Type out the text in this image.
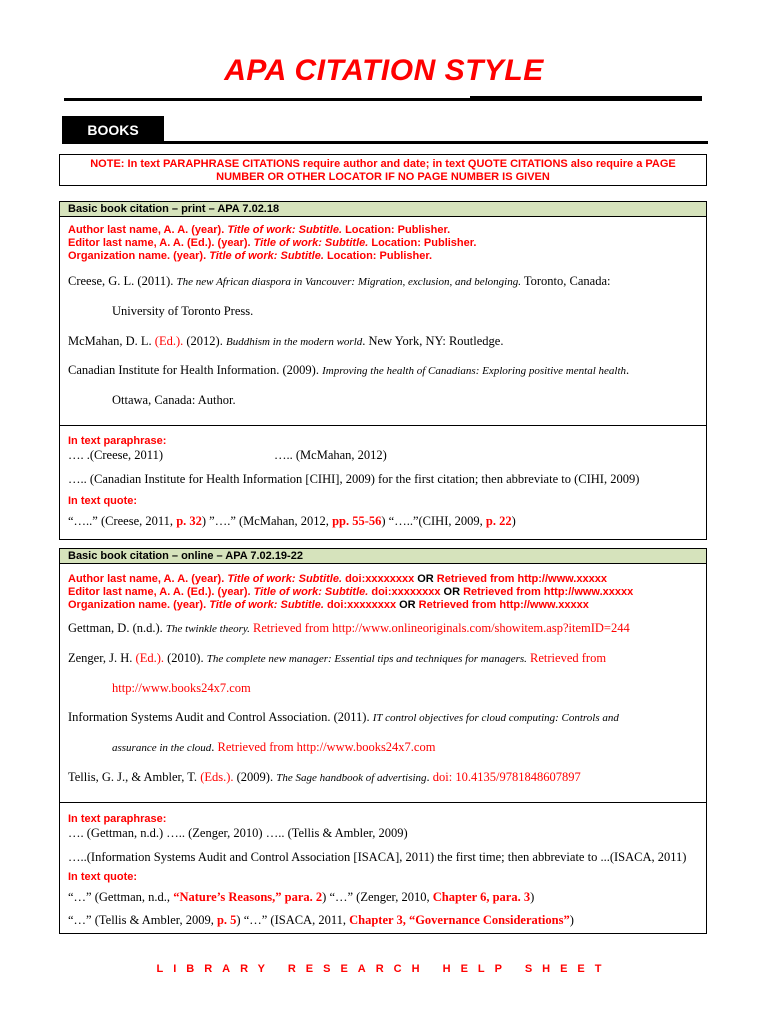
APA CITATION STYLE
BOOKS
NOTE: In text PARAPHRASE CITATIONS require author and date; in text QUOTE CITATIONS also require a PAGE
NUMBER OR OTHER LOCATOR IF NO PAGE NUMBER IS GIVEN
Basic book citation – print – APA 7.02.18
Author last name, A. A. (year). Title of work: Subtitle. Location: Publisher.
Editor last name, A. A. (Ed.). (year). Title of work: Subtitle. Location: Publisher.
Organization name. (year). Title of work: Subtitle. Location: Publisher.
Creese, G. L. (2011). The new African diaspora in Vancouver: Migration, exclusion, and belonging. Toronto, Canada:
University of Toronto Press.
McMahan, D. L. (Ed.). (2012). Buddhism in the modern world. New York, NY: Routledge.
Canadian Institute for Health Information. (2009). Improving the health of Canadians: Exploring positive mental health.
Ottawa, Canada: Author.
In text paraphrase:
…. .(Creese, 2011)	….. (McMahan, 2012)
….. (Canadian Institute for Health Information [CIHI], 2009) for the first citation; then abbreviate to (CIHI, 2009)
In text quote:
“…..” (Creese, 2011, p. 32) ”….” (McMahan, 2012, pp. 55-56) “…..”(CIHI, 2009, p. 22)
Basic book citation – online – APA 7.02.19-22
Author last name, A. A. (year). Title of work: Subtitle. doi:xxxxxxxx OR Retrieved from http://www.xxxxx
Editor last name, A. A. (Ed.). (year). Title of work: Subtitle. doi:xxxxxxxx OR Retrieved from http://www.xxxxx
Organization name. (year). Title of work: Subtitle. doi:xxxxxxxx OR Retrieved from http://www.xxxxx
Gettman, D. (n.d.). The twinkle theory. Retrieved from http://www.onlineoriginals.com/showitem.asp?itemID=244
Zenger, J. H. (Ed.). (2010). The complete new manager: Essential tips and techniques for managers. Retrieved from
http://www.books24x7.com
Information Systems Audit and Control Association. (2011). IT control objectives for cloud computing: Controls and
assurance in the cloud. Retrieved from http://www.books24x7.com
Tellis, G. J., & Ambler, T. (Eds.). (2009). The Sage handbook of advertising. doi: 10.4135/9781848607897
In text paraphrase:
…. (Gettman, n.d.) ….. (Zenger, 2010) ….. (Tellis & Ambler, 2009)
…..(Information Systems Audit and Control Association [ISACA], 2011) the first time; then abbreviate to ...(ISACA, 2011)
In text quote:
“…” (Gettman, n.d., “Nature’s Reasons,” para. 2) “…” (Zenger, 2010, Chapter 6, para. 3)
“…” (Tellis & Ambler, 2009, p. 5) “…” (ISACA, 2011, Chapter 3, “Governance Considerations”)
LIBRARY RESEARCH HELP SHEET
